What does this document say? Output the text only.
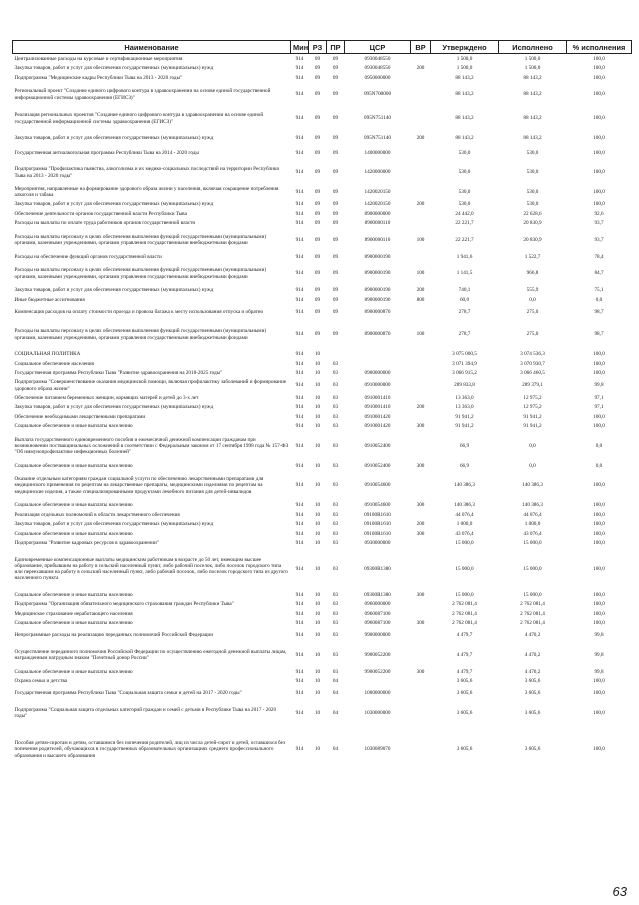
Наименование	Мин	РЗ	ПР	ЦСР	ВР	Утверждено	Исполнено	% исполнения
Централизованные расходы на курсовые и сертификационные мероприятия	914	09	09	0930048550		1 500,0	1 500,0	100,0
Закупка товаров, работ и услуг для обеспечения государственных (муниципальных) нужд	914	09	09	0930048550	200	1 500,0	1 500,0	100,0
Подпрограмма "Медицинские кадры Республики Тыва на 2013 - 2020 годы"	914	09	09	0950000000		88 143,2	88 143,2	100,0
Региональный проект "Создание единого цифрового контура в здравоохранении на основе единой государственной информационной системы здравоохранения (ЕГИСЗ)"	914	09	09	095N700000		88 143,2	88 143,2	100,0
Реализация региональных проектов "Создание единого цифрового контура в здравоохранении на основе единой государственной информационной системы здравоохранения (ЕГИСЗ)"	914	09	09	095N751140		88 143,2	88 143,2	100,0
Закупка товаров, работ и услуг для обеспечения государственных (муниципальных) нужд	914	09	09	095N751140	200	88 143,2	88 143,2	100,0
Государственная антиалкогольная программа Республики Тыва на 2014 - 2020 годы	914	09	09	1400000000		530,0	530,0	100,0
Подпрограмма "Профилактика пьянства, алкоголизма и их медико-социальных последствий на территории Республики Тыва на 2013 - 2020 годы"	914	09	09	1420000000		530,0	530,0	100,0
Мероприятия, направленные на формирование здорового образа жизни у населения, включая сокращение потребления алкоголя и табака	914	09	09	1420020150		530,0	530,0	100,0
Закупка товаров, работ и услуг для обеспечения государственных (муниципальных) нужд	914	09	09	1420020150	200	530,0	530,0	100,0
Обеспечение деятельности органов государственной власти Республики Тыва	914	09	09	8900000000		24 442,0	22 628,6	92,6
Расходы на выплаты по оплате труда работников органов государственной власти	914	09	09	8900000110		22 221,7	20 830,9	93,7
Расходы на выплаты персоналу в целях обеспечения выполнения функций государственными (муниципальными) органами, казенными учреждениями, органами управления государственными внебюджетными фондами	914	09	09	8900000110	100	22 221,7	20 830,9	93,7
Расходы на обеспечение функций органов государственной власти	914	09	09	8900000190		1 941,6	1 522,7	78,4
Расходы на выплаты персоналу в целях обеспечения выполнения функций государственными (муниципальными) органами, казенными учреждениями, органами управления государственными внебюджетными фондами	914	09	09	8900000190	100	1 141,5	966,8	84,7
Закупка товаров, работ и услуг для обеспечения государственных (муниципальных) нужд	914	09	09	8900000190	200	740,1	555,9	75,1
Иные бюджетные ассигнования	914	09	09	8900000190	800	60,0	0,0	0,0
Компенсация расходов на оплату стоимости проезда и провоза багажа к месту использования отпуска и обратно	914	09	09	8900000870		278,7	275,0	98,7
Расходы на выплаты персоналу в целях обеспечения выполнения функций государственными (муниципальными) органами, казенными учреждениями, органами управления государственными внебюджетными фондами	914	09	09	8900000870	100	278,7	275,0	98,7
СОЦИАЛЬНАЯ ПОЛИТИКА	914	10				3 075 000,5	3 074 536,3	100,0
Социальное обеспечение населения	914	10	03			3 071 394,9	3 070 930,7	100,0
Государственная программа Республики Тыва "Развитие здравоохранения на 2018-2025 годы"	914	10	03	0900000000		3 066 915,2	3 066 460,5	100,0
Подпрограмма "Совершенствование оказания медицинской помощи, включая профилактику заболеваний и формирование здорового образа жизни"	914	10	03	0910000000		289 833,8	289 379,1	99,8
Обеспечение питанием беременных женщин, кормящих матерей и детей до 3-х лет	914	10	03	0910001410		13 363,0	12 975,2	97,1
Закупка товаров, работ и услуг для обеспечения государственных (муниципальных) нужд	914	10	03	0910001410	200	13 363,0	12 975,2	97,1
Обеспечение необходимыми лекарственными препаратами	914	10	03	0910001420		91 941,2	91 941,2	100,0
Социальное обеспечение и иные выплаты населению	914	10	03	0910001420	300	91 941,2	91 941,2	100,0
Выплата государственного единовременного пособия и ежемесячной денежной компенсации гражданам при возникновении поствакцинальных осложнений в соответствии с Федеральным законом от 17 сентября 1998 года № 157-ФЗ "Об иммунопрофилактике инфекционных болезней"	914	10	03	0910052400		66,9	0,0	0,0
Социальное обеспечение и иные выплаты населению	914	10	03	0910052400	300	66,9	0,0	0,0
Оказание отдельным категориям граждан социальной услуги по обеспечению лекарственными препаратами для медицинского применения по рецептам на лекарственные препараты, медицинскими изделиями по рецептам на медицинские изделия, а также специализированными продуктами лечебного питания для детей-инвалидов	914	10	03	0910054600		140 386,3	140 386,3	100,0
Социальное обеспечение и иные выплаты населению	914	10	03	0910054600	300	140 386,3	140 386,3	100,0
Реализация отдельных полномочий в области лекарственного обеспечения	914	10	03	09100R1610		44 076,4	44 076,4	100,0
Закупка товаров, работ и услуг для обеспечения государственных (муниципальных) нужд	914	10	03	09100R1610	200	1 000,0	1 000,0	100,0
Социальное обеспечение и иные выплаты населению	914	10	03	09100R1610	300	43 076,4	43 076,4	100,0
Подпрограмма "Развитие кадровых ресурсов в здравоохранении"	914	10	03	0930000000		15 000,0	15 000,0	100,0
Единовременные компенсационные выплаты медицинским работникам в возрасте до 50 лет, имеющим высшее образование, прибывшим на работу в сельский населенный пункт, либо рабочий поселок, либо поселок городского типа или переехавшим на работу в сельский населенный пункт, либо рабочий поселок, либо поселок городского типа из другого населенного пункта	914	10	03	09300R1380		15 000,0	15 000,0	100,0
Социальное обеспечение и иные выплаты населению	914	10	03	09300R1380	300	15 000,0	15 000,0	100,0
Подпрограмма "Организация обязательного медицинского страхования граждан Республики Тыва"	914	10	03	0960000000		2 762 081,4	2 762 081,4	100,0
Медицинское страхование неработающего населения	914	10	03	0960087100		2 762 081,4	2 762 081,4	100,0
Социальное обеспечение и иные выплаты населению	914	10	03	0960087100	300	2 762 081,4	2 762 081,4	100,0
Непрограммные расходы на реализацию переданных полномочий Российской Федерации	914	10	03	9900000000		4 479,7	4 470,2	99,8
Осуществление переданного полномочия Российской Федерации по осуществлению ежегодной денежной выплаты лицам, награжденным нагрудным знаком "Почетный донор России"	914	10	03	9900052200		4 479,7	4 470,2	99,8
Социальное обеспечение и иные выплаты населению	914	10	03	9900052200	300	4 479,7	4 470,2	99,8
Охрана семьи и детства	914	10	04			3 605,6	3 605,6	100,0
Государственная программа Республики Тыва "Социальная защита семьи и детей на 2017 - 2020 годы"	914	10	04	1000000000		3 605,6	3 605,6	100,0
Подпрограмма "Социальная защита отдельных категорий граждан и семей с детьми в Республике Тыва на 2017 - 2020 годы"	914	10	04	1030000000		3 605,6	3 605,6	100,0
Пособия детям-сиротам и детям, оставшимся без попечения родителей, лиц из числа детей-сирот и детей, оставшихся без попечения родителей, обучающихся в государственных образовательных организациях среднего профессионального образования и высшего образования	914	10	04	1030089070		3 605,6	3 605,6	100,0
63
